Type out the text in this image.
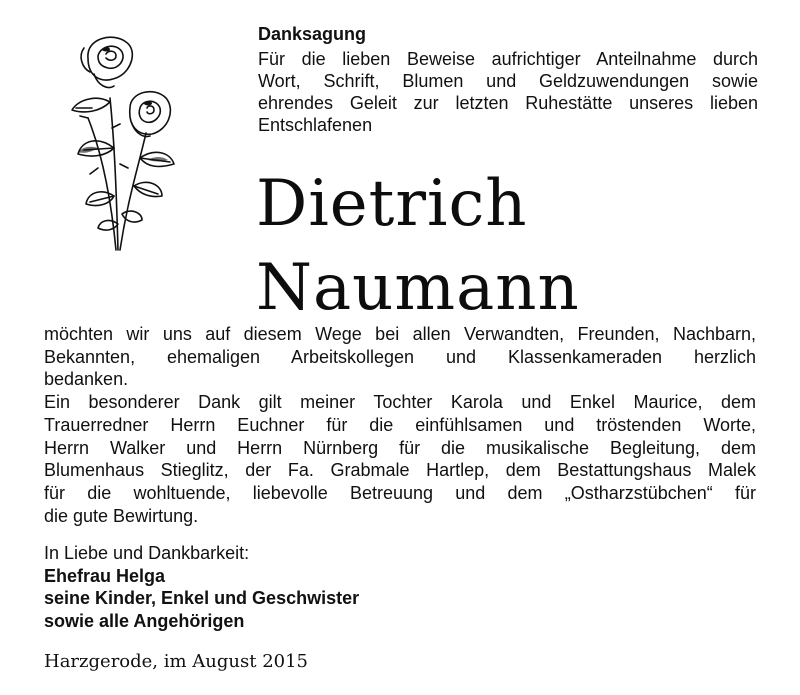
Danksagung
Für die lieben Beweise aufrichtiger Anteilnahme durch
Wort, Schrift, Blumen und Geldzuwendungen sowie
ehrendes Geleit zur letzten Ruhestätte unseres lieben
Entschlafenen
Dietrich
Naumann
möchten wir uns auf diesem Wege bei allen Verwandten, Freunden, Nachbarn,
Bekannten, ehemaligen Arbeitskollegen und Klassenkameraden herzlich
bedanken.
Ein besonderer Dank gilt meiner Tochter Karola und Enkel Maurice, dem
Trauerredner Herrn Euchner für die einfühlsamen und tröstenden Worte,
Herrn Walker und Herrn Nürnberg für die musikalische Begleitung, dem
Blumenhaus Stieglitz, der Fa. Grabmale Hartlep, dem Bestattungshaus Malek
für die wohltuende, liebevolle Betreuung und dem „Ostharzstübchen“ für
die gute Bewirtung.
In Liebe und Dankbarkeit:
Ehefrau Helga
seine Kinder, Enkel und Geschwister
sowie alle Angehörigen
Harzgerode, im August 2015
